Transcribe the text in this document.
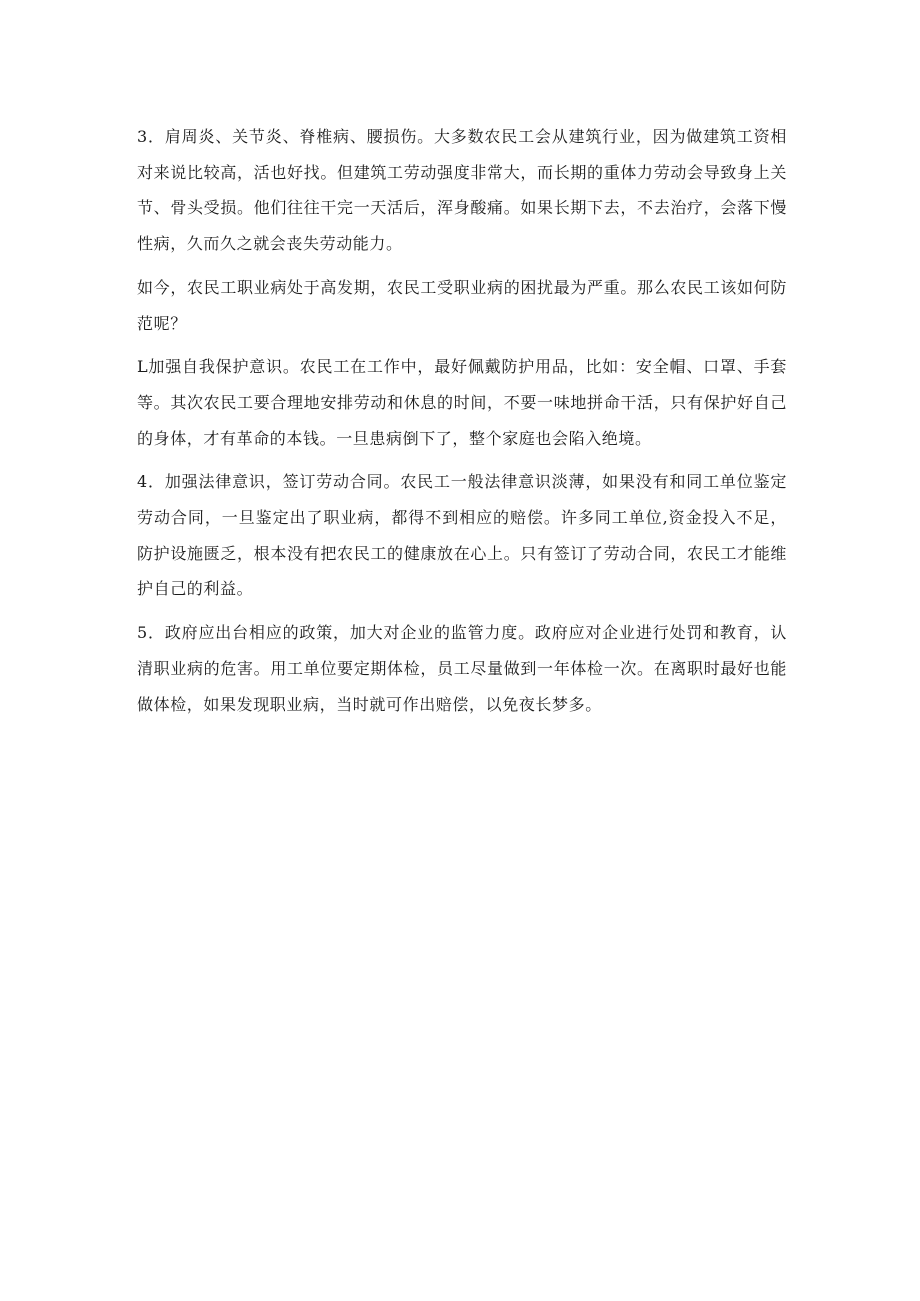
3．肩周炎、关节炎、脊椎病、腰损伤。大多数农民工会从建筑行业，因为做建筑工资相对来说比较高，活也好找。但建筑工劳动强度非常大，而长期的重体力劳动会导致身上关节、骨头受损。他们往往干完一天活后，浑身酸痛。如果长期下去，不去治疗，会落下慢性病，久而久之就会丧失劳动能力。

如今，农民工职业病处于高发期，农民工受职业病的困扰最为严重。那么农民工该如何防范呢？

L加强自我保护意识。农民工在工作中，最好佩戴防护用品，比如：安全帽、口罩、手套等。其次农民工要合理地安排劳动和休息的时间，不要一味地拼命干活，只有保护好自己的身体，才有革命的本钱。一旦患病倒下了，整个家庭也会陷入绝境。

4．加强法律意识，签订劳动合同。农民工一般法律意识淡薄，如果没有和同工单位鉴定劳动合同，一旦鉴定出了职业病，都得不到相应的赔偿。许多同工单位,资金投入不足，防护设施匮乏，根本没有把农民工的健康放在心上。只有签订了劳动合同，农民工才能维护自己的利益。

5．政府应出台相应的政策，加大对企业的监管力度。政府应对企业进行处罚和教育，认清职业病的危害。用工单位要定期体检，员工尽量做到一年体检一次。在离职时最好也能做体检，如果发现职业病，当时就可作出赔偿，以免夜长梦多。
